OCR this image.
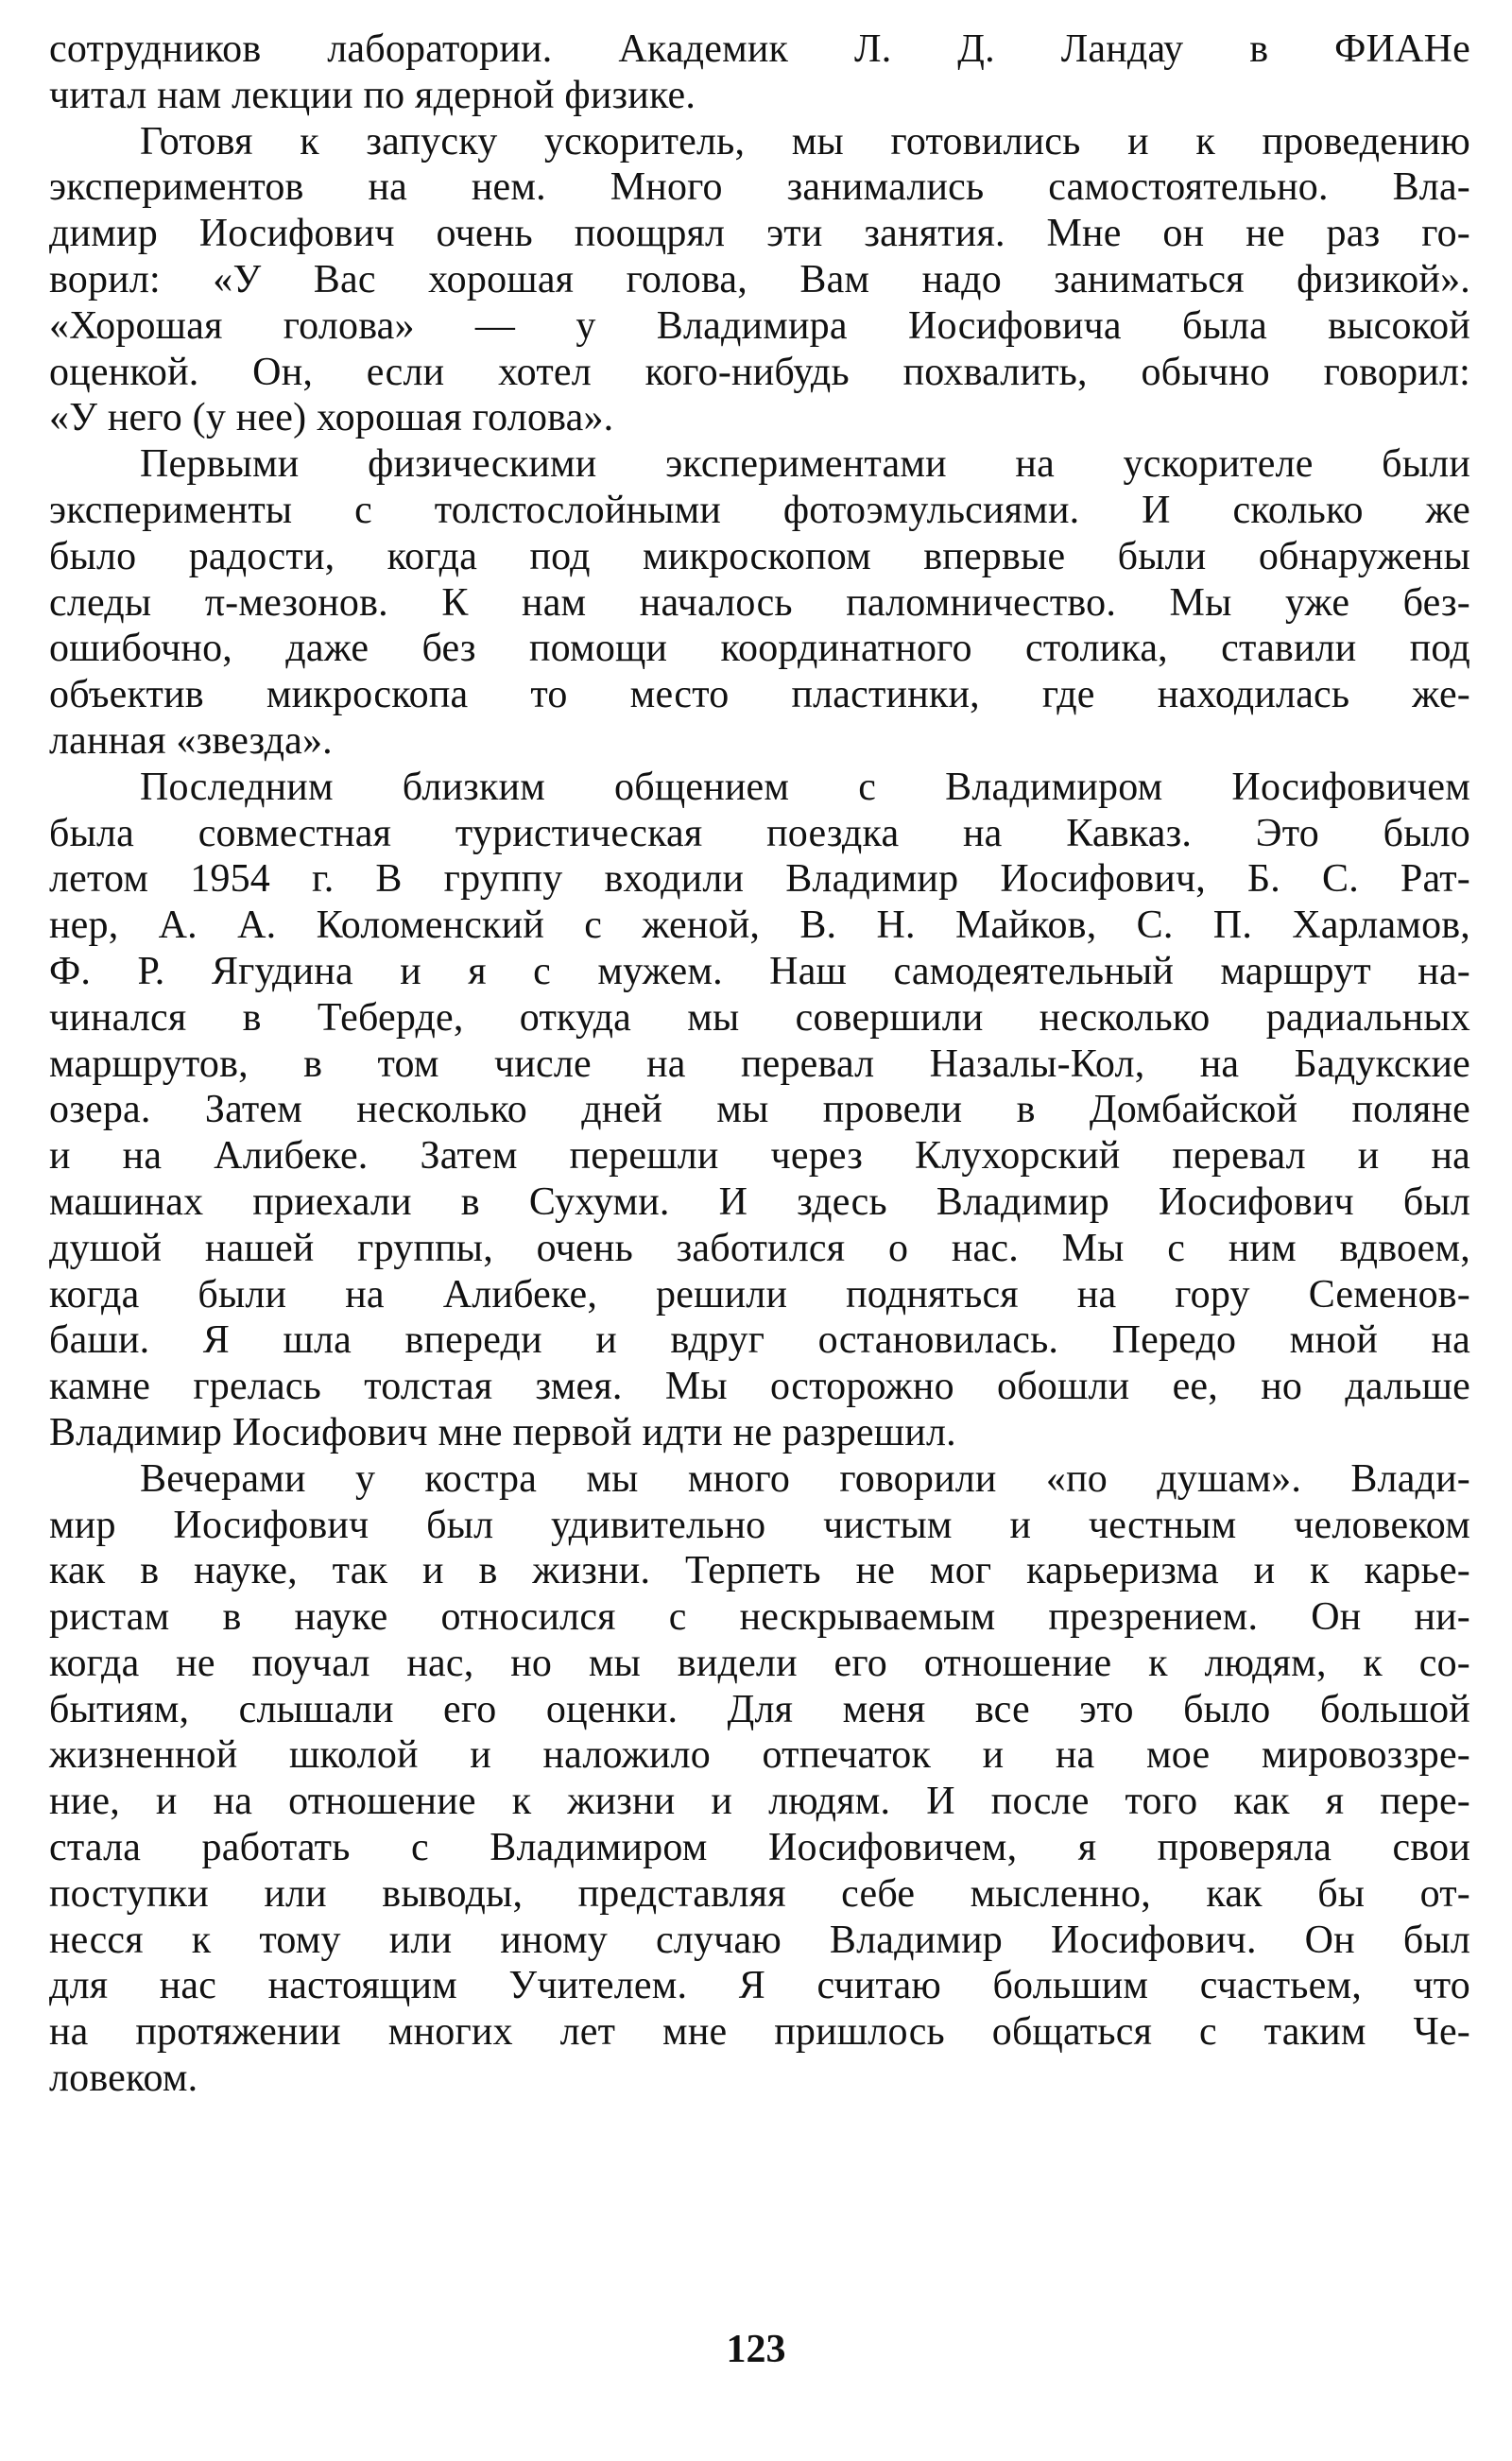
сотрудников лаборатории. Академик Л. Д. Ландау в ФИАНе
читал нам лекции по ядерной физике.
Готовя к запуску ускоритель, мы готовились и к проведению
экспериментов на нем. Много занимались самостоятельно. Вла-
димир Иосифович очень поощрял эти занятия. Мне он не раз го-
ворил: «У Вас хорошая голова, Вам надо заниматься физикой».
«Хорошая голова» — у Владимира Иосифовича была высокой
оценкой. Он, если хотел кого-нибудь похвалить, обычно говорил:
«У него (у нее) хорошая голова».
Первыми физическими экспериментами на ускорителе были
эксперименты с толстослойными фотоэмульсиями. И сколько же
было радости, когда под микроскопом впервые были обнаружены
следы π-мезонов. К нам началось паломничество. Мы уже без-
ошибочно, даже без помощи координатного столика, ставили под
объектив микроскопа то место пластинки, где находилась же-
ланная «звезда».
Последним близким общением с Владимиром Иосифовичем
была совместная туристическая поездка на Кавказ. Это было
летом 1954 г. В группу входили Владимир Иосифович, Б. С. Рат-
нер, А. А. Коломенский с женой, В. Н. Майков, С. П. Харламов,
Ф. Р. Ягудина и я с мужем. Наш самодеятельный маршрут на-
чинался в Теберде, откуда мы совершили несколько радиальных
маршрутов, в том числе на перевал Назалы-Кол, на Бадукские
озера. Затем несколько дней мы провели в Домбайской поляне
и на Алибеке. Затем перешли через Клухорский перевал и на
машинах приехали в Сухуми. И здесь Владимир Иосифович был
душой нашей группы, очень заботился о нас. Мы с ним вдвоем,
когда были на Алибеке, решили подняться на гору Семенов-
баши. Я шла впереди и вдруг остановилась. Передо мной на
камне грелась толстая змея. Мы осторожно обошли ее, но дальше
Владимир Иосифович мне первой идти не разрешил.
Вечерами у костра мы много говорили «по душам». Влади-
мир Иосифович был удивительно чистым и честным человеком
как в науке, так и в жизни. Терпеть не мог карьеризма и к карье-
ристам в науке относился с нескрываемым презрением. Он ни-
когда не поучал нас, но мы видели его отношение к людям, к со-
бытиям, слышали его оценки. Для меня все это было большой
жизненной школой и наложило отпечаток и на мое мировоззре-
ние, и на отношение к жизни и людям. И после того как я пере-
стала работать с Владимиром Иосифовичем, я проверяла свои
поступки или выводы, представляя себе мысленно, как бы от-
несся к тому или иному случаю Владимир Иосифович. Он был
для нас настоящим Учителем. Я считаю большим счастьем, что
на протяжении многих лет мне пришлось общаться с таким Че-
ловеком.
123
